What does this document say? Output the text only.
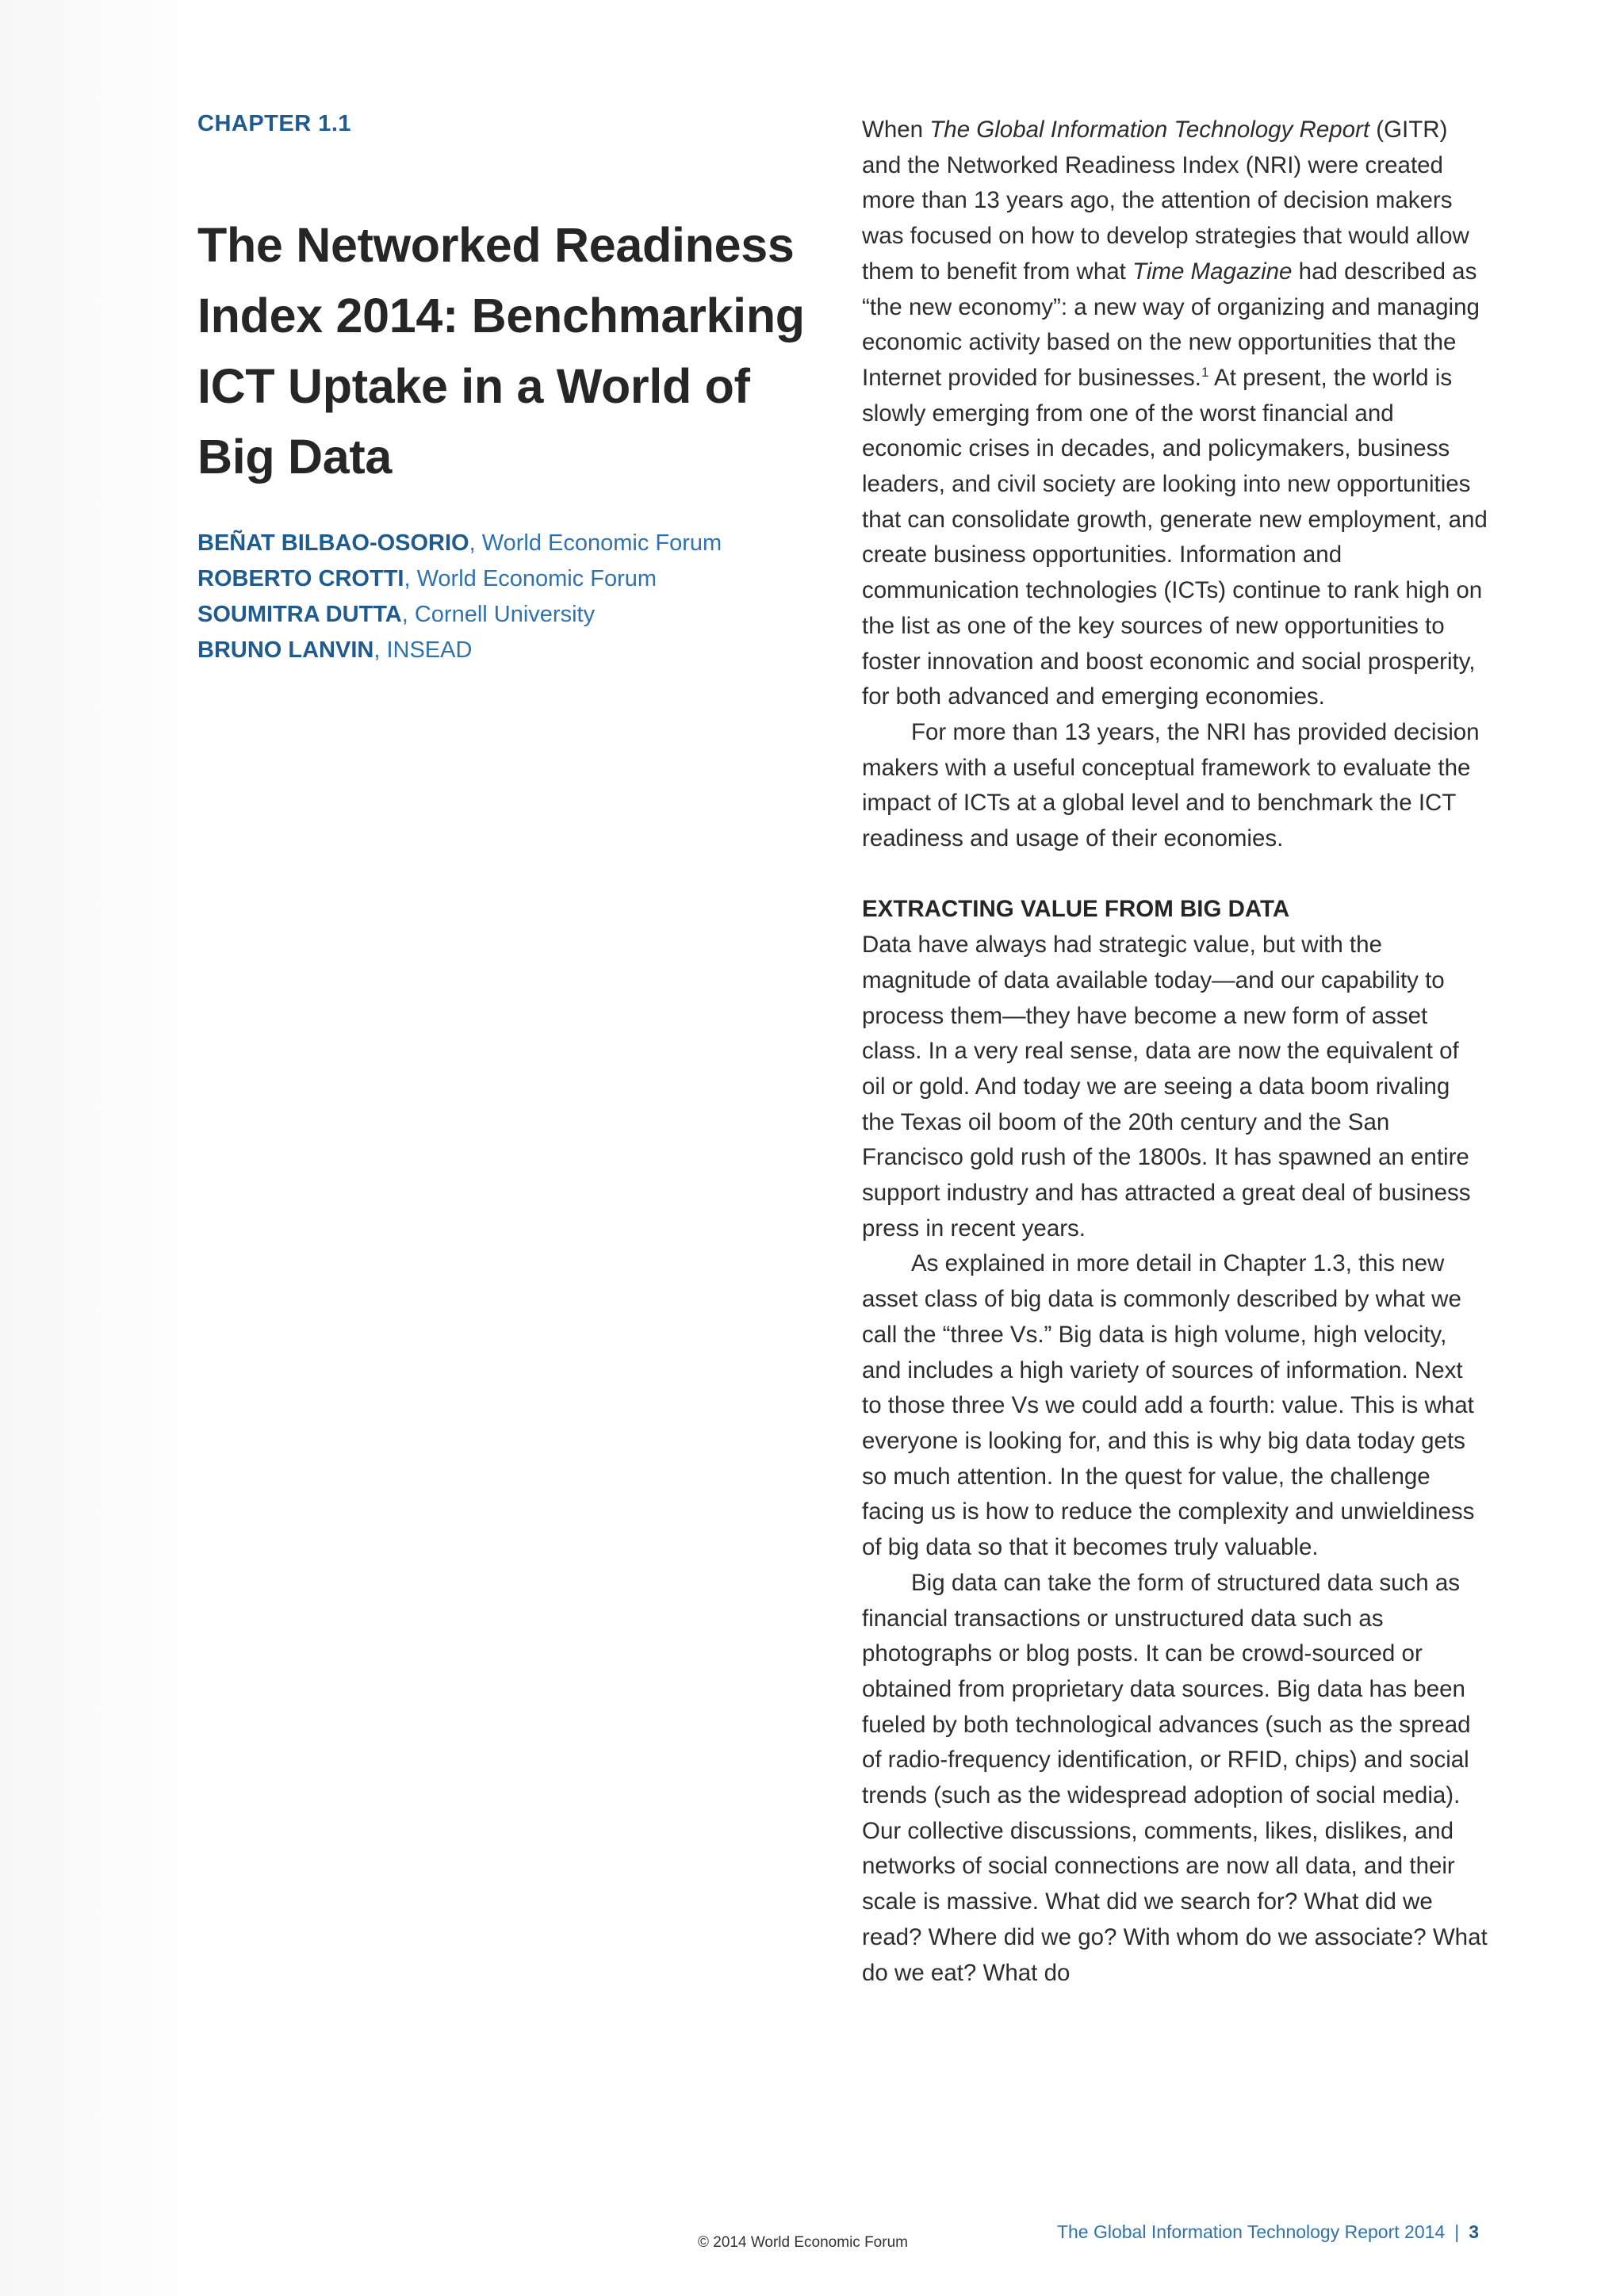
CHAPTER 1.1

The Networked Readiness Index 2014: Benchmarking ICT Uptake in a World of Big Data
BEÑAT BILBAO-OSORIO, World Economic Forum
ROBERTO CROTTI, World Economic Forum
SOUMITRA DUTTA, Cornell University
BRUNO LANVIN, INSEAD

When The Global Information Technology Report (GITR) and the Networked Readiness Index (NRI) were created more than 13 years ago, the attention of decision makers was focused on how to develop strategies that would allow them to benefit from what Time Magazine had described as “the new economy”: a new way of organizing and managing economic activity based on the new opportunities that the Internet provided for businesses.$^1$ At present, the world is slowly emerging from one of the worst financial and economic crises in decades, and policymakers, business leaders, and civil society are looking into new opportunities that can consolidate growth, generate new employment, and create business opportunities. Information and communication technologies (ICTs) continue to rank high on the list as one of the key sources of new opportunities to foster innovation and boost economic and social prosperity, for both advanced and emerging economies.

For more than 13 years, the NRI has provided decision makers with a useful conceptual framework to evaluate the impact of ICTs at a global level and to benchmark the ICT readiness and usage of their economies.

EXTRACTING VALUE FROM BIG DATA

Data have always had strategic value, but with the magnitude of data available today—and our capability to process them—they have become a new form of asset class. In a very real sense, data are now the equivalent of oil or gold. And today we are seeing a data boom rivaling the Texas oil boom of the 20th century and the San Francisco gold rush of the 1800s. It has spawned an entire support industry and has attracted a great deal of business press in recent years.

As explained in more detail in Chapter 1.3, this new asset class of big data is commonly described by what we call the “three Vs.” Big data is high volume, high velocity, and includes a high variety of sources of information. Next to those three Vs we could add a fourth: value. This is what everyone is looking for, and this is why big data today gets so much attention. In the quest for value, the challenge facing us is how to reduce the complexity and unwieldiness of big data so that it becomes truly valuable.

Big data can take the form of structured data such as financial transactions or unstructured data such as photographs or blog posts. It can be crowd-sourced or obtained from proprietary data sources. Big data has been fueled by both technological advances (such as the spread of radio-frequency identification, or RFID, chips) and social trends (such as the widespread adoption of social media). Our collective discussions, comments, likes, dislikes, and networks of social connections are now all data, and their scale is massive. What did we search for? What did we read? Where did we go? With whom do we associate? What do we eat? What do

© 2014 World Economic Forum
The Global Information Technology Report 2014 | 3
